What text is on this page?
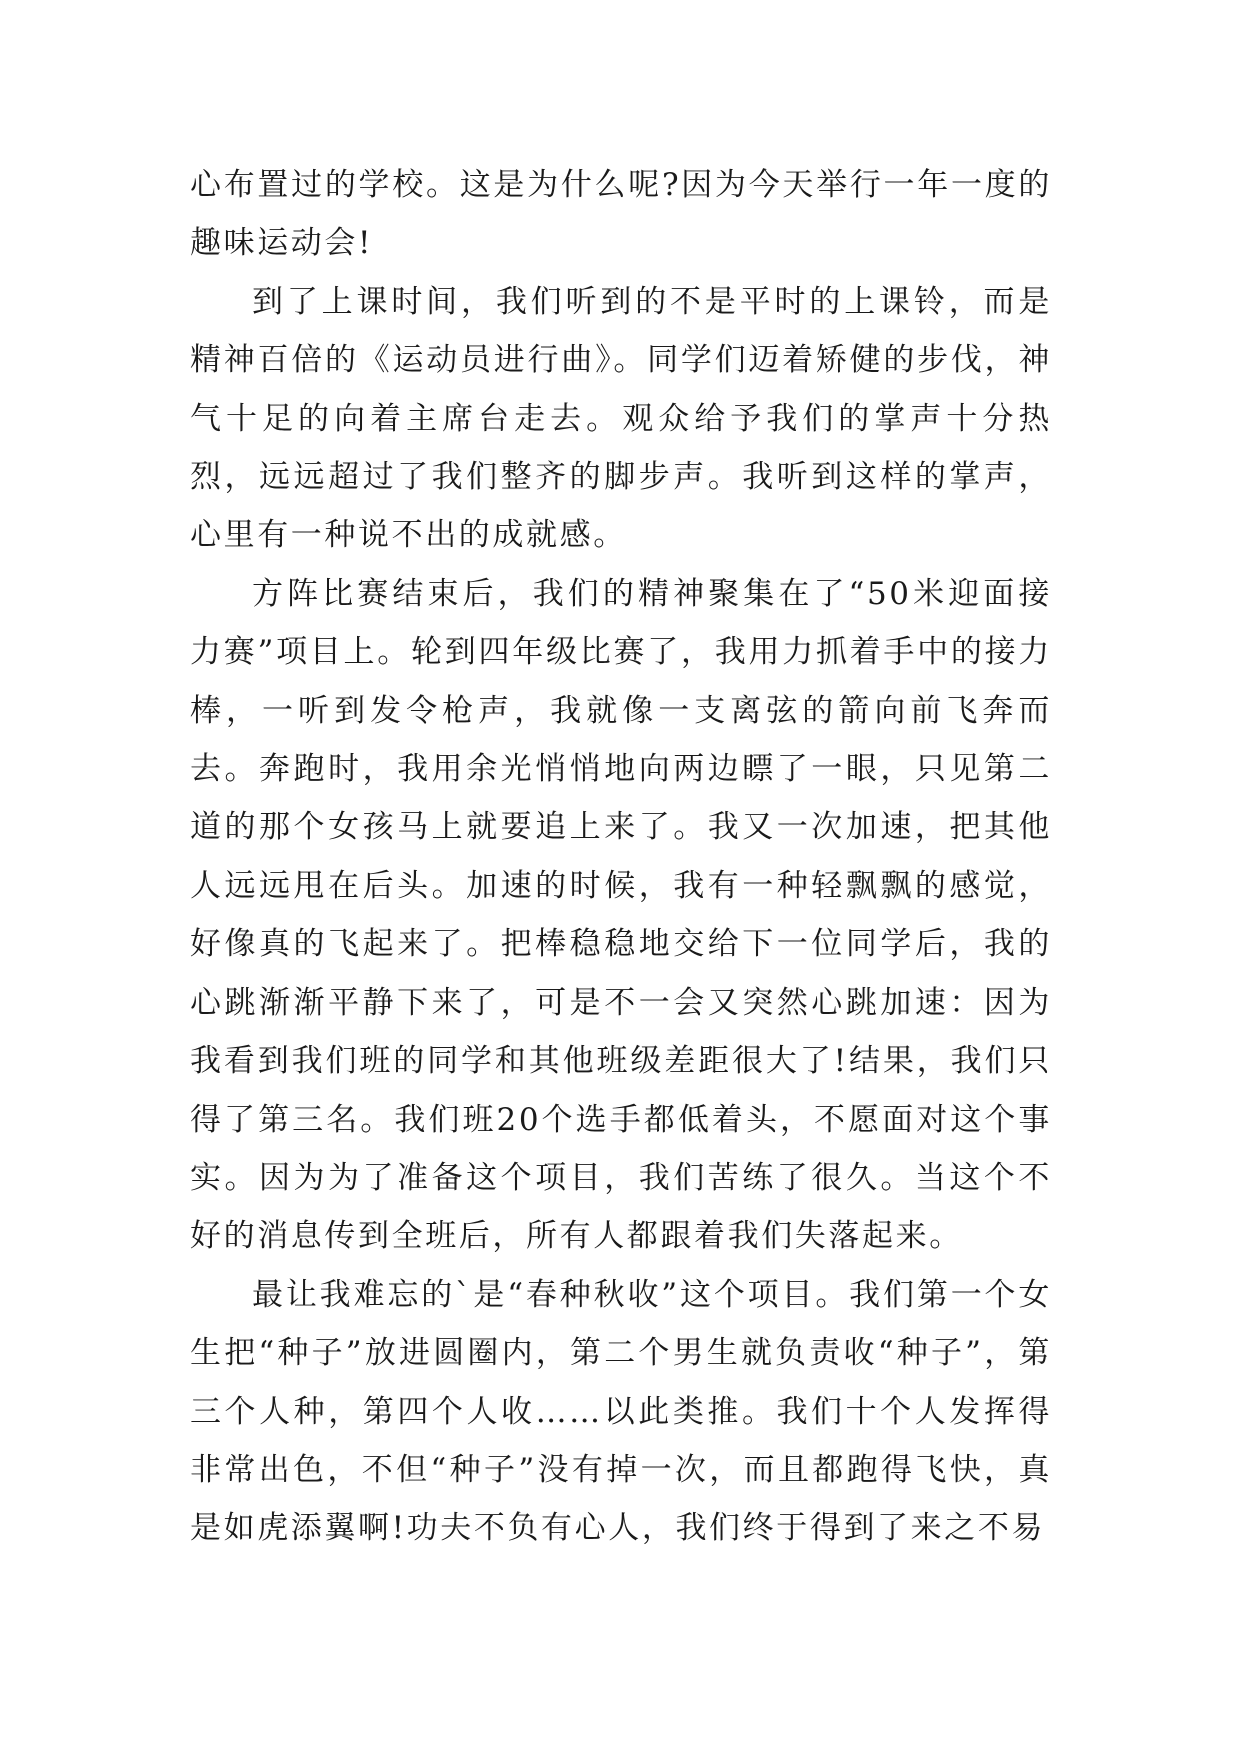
心布置过的学校。这是为什么呢?因为今天举行一年一度的趣味运动会!

到了上课时间，我们听到的不是平时的上课铃，而是精神百倍的《运动员进行曲》。同学们迈着矫健的步伐，神气十足的向着主席台走去。观众给予我们的掌声十分热烈，远远超过了我们整齐的脚步声。我听到这样的掌声，心里有一种说不出的成就感。

方阵比赛结束后，我们的精神聚集在了“50米迎面接力赛”项目上。轮到四年级比赛了，我用力抓着手中的接力棒，一听到发令枪声，我就像一支离弦的箭向前飞奔而去。奔跑时，我用余光悄悄地向两边瞟了一眼，只见第二道的那个女孩马上就要追上来了。我又一次加速，把其他人远远甩在后头。加速的时候，我有一种轻飘飘的感觉，好像真的飞起来了。把棒稳稳地交给下一位同学后，我的心跳渐渐平静下来了，可是不一会又突然心跳加速：因为我看到我们班的同学和其他班级差距很大了!结果，我们只得了第三名。我们班20个选手都低着头，不愿面对这个事实。因为为了准备这个项目，我们苦练了很久。当这个不好的消息传到全班后，所有人都跟着我们失落起来。

最让我难忘的`是“春种秋收”这个项目。我们第一个女生把“种子”放进圆圈内，第二个男生就负责收“种子”，第三个人种，第四个人收……以此类推。我们十个人发挥得非常出色，不但“种子”没有掉一次，而且都跑得飞快，真是如虎添翼啊!功夫不负有心人，我们终于得到了来之不易
